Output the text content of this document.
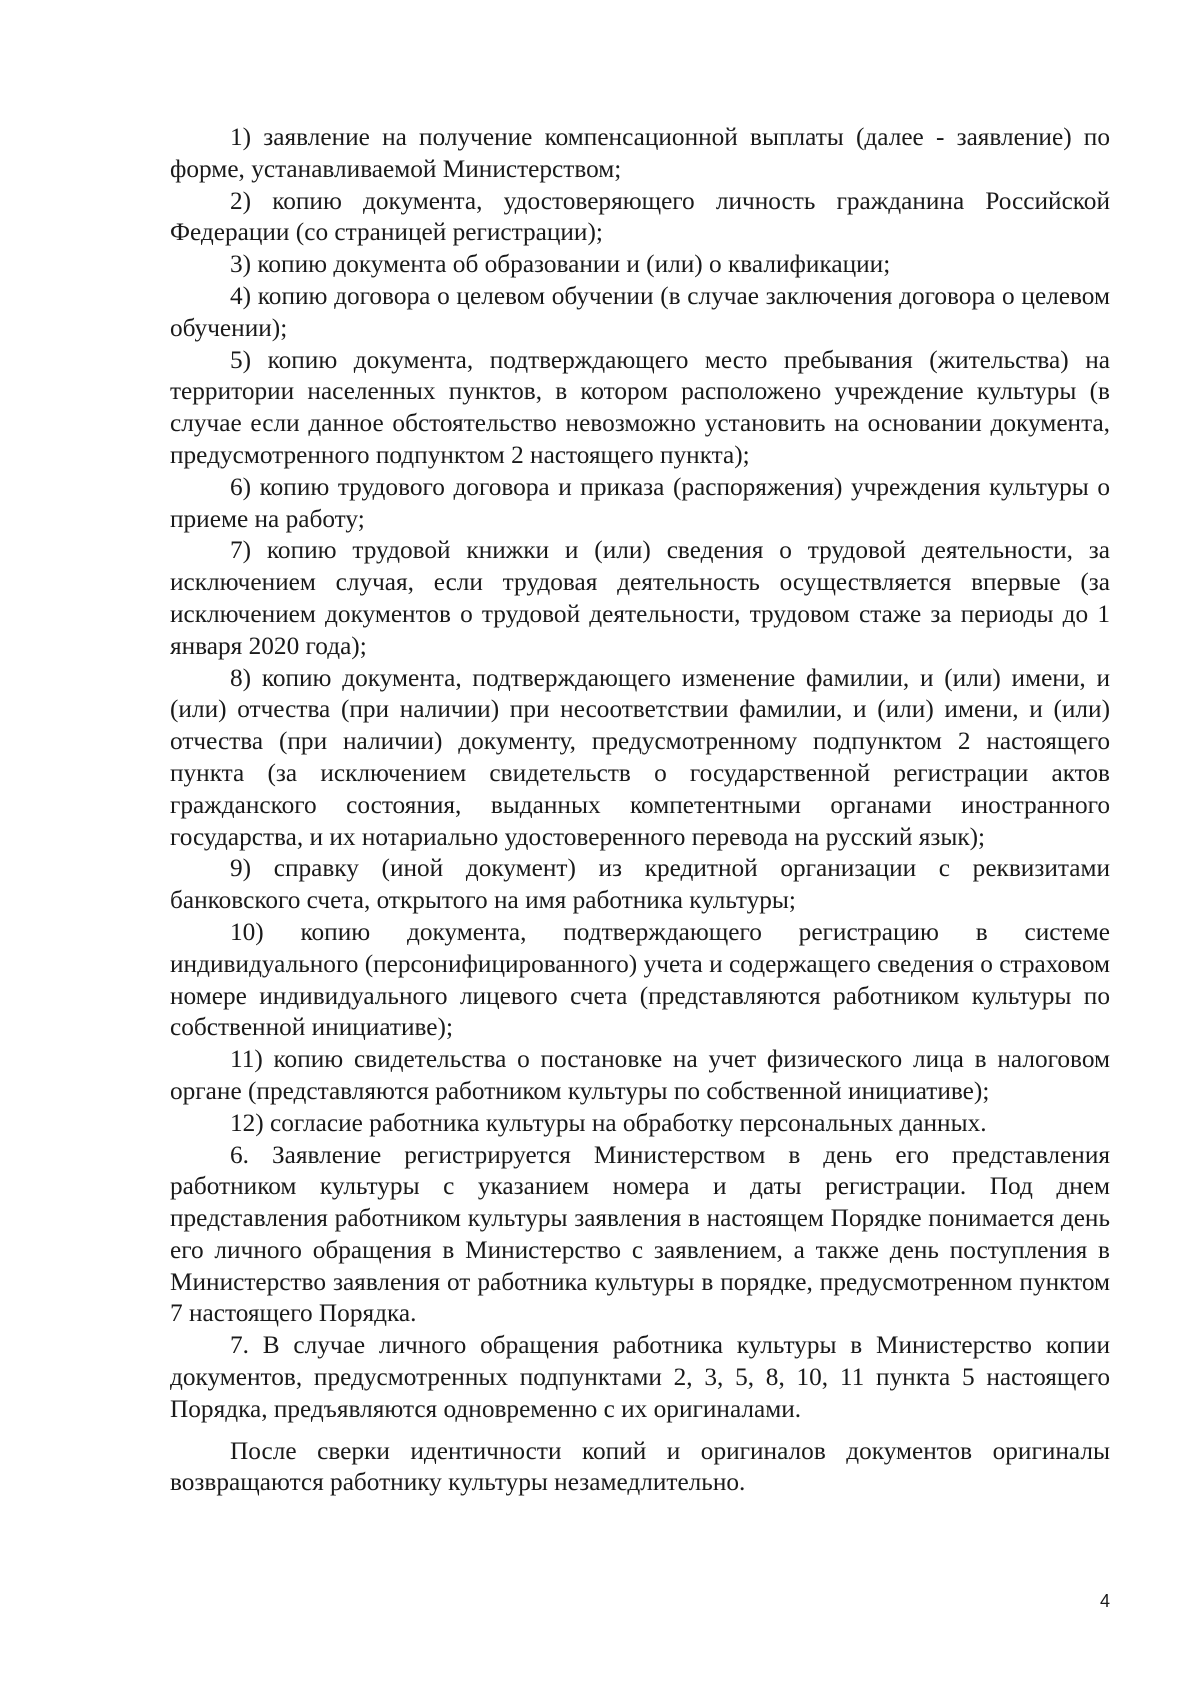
1) заявление на получение компенсационной выплаты (далее - заявление) по форме, устанавливаемой Министерством;

2) копию документа, удостоверяющего личность гражданина Российской Федерации (со страницей регистрации);

3) копию документа об образовании и (или) о квалификации;

4) копию договора о целевом обучении (в случае заключения договора о целевом обучении);

5) копию документа, подтверждающего место пребывания (жительства) на территории населенных пунктов, в котором расположено учреждение культуры (в случае если данное обстоятельство невозможно установить на основании документа, предусмотренного подпунктом 2 настоящего пункта);

6) копию трудового договора и приказа (распоряжения) учреждения культуры о приеме на работу;

7) копию трудовой книжки и (или) сведения о трудовой деятельности, за исключением случая, если трудовая деятельность осуществляется впервые (за исключением документов о трудовой деятельности, трудовом стаже за периоды до 1 января 2020 года);

8) копию документа, подтверждающего изменение фамилии, и (или) имени, и (или) отчества (при наличии) при несоответствии фамилии, и (или) имени, и (или) отчества (при наличии) документу, предусмотренному подпунктом 2 настоящего пункта (за исключением свидетельств о государственной регистрации актов гражданского состояния, выданных компетентными органами иностранного государства, и их нотариально удостоверенного перевода на русский язык);

9) справку (иной документ) из кредитной организации с реквизитами банковского счета, открытого на имя работника культуры;

10) копию документа, подтверждающего регистрацию в системе индивидуального (персонифицированного) учета и содержащего сведения о страховом номере индивидуального лицевого счета (представляются работником культуры по собственной инициативе);

11) копию свидетельства о постановке на учет физического лица в налоговом органе (представляются работником культуры по собственной инициативе);

12) согласие работника культуры на обработку персональных данных.

6. Заявление регистрируется Министерством в день его представления работником культуры с указанием номера и даты регистрации. Под днем представления работником культуры заявления в настоящем Порядке понимается день его личного обращения в Министерство с заявлением, а также день поступления в Министерство заявления от работника культуры в порядке, предусмотренном пунктом 7 настоящего Порядка.

7. В случае личного обращения работника культуры в Министерство копии документов, предусмотренных подпунктами 2, 3, 5, 8, 10, 11 пункта 5 настоящего Порядка, предъявляются одновременно с их оригиналами.

После сверки идентичности копий и оригиналов документов оригиналы возвращаются работнику культуры незамедлительно.

4
